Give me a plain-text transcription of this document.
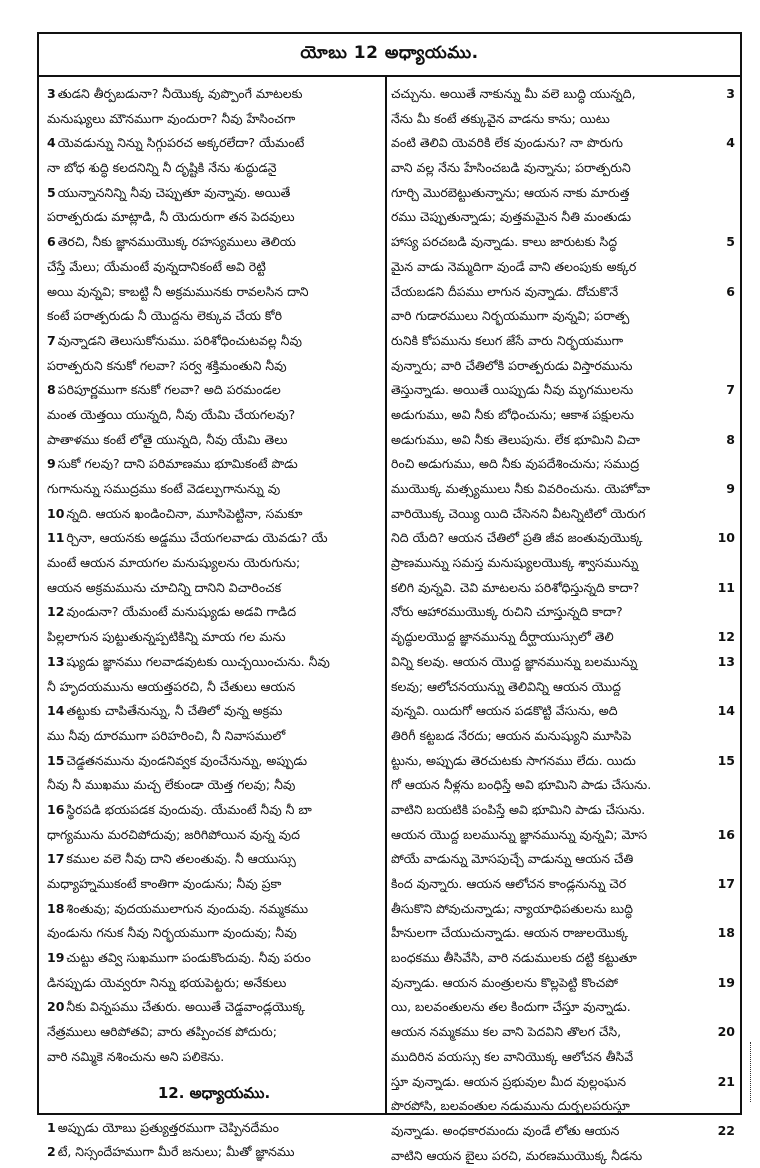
యోబు 12 అధ్యాయము.
3 తుడని తీర్పబడునా? నీయొక్క వుప్పొంగే మాటలకు
మనుష్యులు మౌనముగా వుందురా? నీవు హేసించగా
4 యెవడున్ను నిన్ను సిగ్గుపరచ అక్కరలేదా? యేమంటే
నా బోధ శుద్ధి కలదనిన్ని నీ దృష్టికి నేను శుద్ధుడనై
5 యున్నాననిన్ని నీవు చెప్పుతూ వున్నావు. అయితే
పరాత్పరుడు మాట్లాడి, నీ యెదురుగా తన పెదవులు
6 తెరచి, నీకు జ్ఞానముయొక్క రహస్యములు తెలియ
చేస్తే మేలు; యేమంటే వున్నదానికంటే అవి రెట్టి
అయి వున్నవి; కాబట్టి నీ అక్రమమునకు రావలసిన దాని
కంటే పరాత్పరుడు నీ యొద్దను లెక్కువ చేయ కోరి
7 వున్నాడని తెలుసుకోనుము. పరిశోధించుటవల్ల నీవు
పరాత్పరుని కనుకో గలవా? సర్వ శక్తిమంతుని నీవు
8 పరిపూర్ణముగా కనుకో గలవా? అది పరమండల
మంత యెత్తయి యున్నది, నీవు యేమి చేయగలవు?
పాతాళము కంటే లోతై యున్నది, నీవు యేమి తెలు
9 సుకో గలవు? దాని పరిమాణము భూమికంటే పొడు
గుగానున్ను సముద్రము కంటే వెడల్పుగానున్ను వు
10 న్నది. ఆయన ఖండించినా, మూసిపెట్టినా, సమకూ
11 ర్చినా, ఆయనకు అడ్డము చేయగలవాడు యెవడు? యే
మంటే ఆయన మాయగల మనుష్యులను యెరుగును;
ఆయన అక్రమమును చూచిన్ని దానిని విచారించక
12 వుండునా? యేమంటే మనుష్యుడు అడవి గాడిద
పిల్లలాగున పుట్టుతున్నప్పటికిన్ని మాయ గల మను
13 ష్యుడు జ్ఞానము గలవాడవుటకు యిచ్చయించును. నీవు
నీ హృదయమును ఆయత్తపరచి, నీ చేతులు ఆయన
14 తట్టుకు చాపితేనున్ను, నీ చేతిలో వున్న అక్రమ
ము నీవు దూరముగా పరిహరించి, నీ నివాసములో
15 చెడ్డతనమును వుండనివ్వక వుంచేనున్ను, అప్పుడు
నీవు నీ ముఖము మచ్చ లేకుండా యెత్త గలవు; నీవు
16 స్థిరపడి భయపడక వుందువు. యేమంటే నీవు నీ బా
ధాగ్యమును మరచిపోదువు; జరిగిపోయిన వున్న వుద
17 కముల వలె నీవు దాని తలంతువు. నీ ఆయుస్సు
మధ్యాహ్నముకంటే కాంతిగా వుండును; నీవు ప్రకా
18 శింతువు; వుదయములాగున వుందువు. నమ్మకము
వుండును గనుక నీవు నిర్భయముగా వుందువు; నీవు
19 చుట్టు తవ్వి సుఖముగా పండుకొందువు. నీవు పరుం
డినప్పుడు యెవ్వరూ నిన్ను భయపెట్టరు; అనేకులు
20 నీకు విన్నపము చేతురు. అయితే చెడ్డవాండ్లయొక్క
నేత్రములు ఆరిపోతవి; వారు తప్పించక పోదురు;
వారి నమ్మికె నశించును అని పలికెను.
12. అధ్యాయము.
1 అప్పుడు యోబు ప్రత్యుత్తరముగా చెప్పినదేమం
2 టే, నిస్సందేహముగా మీరే జనులు; మీతో జ్ఞానము
చచ్చును. అయితే నాకున్ను మీ వలె బుద్ధి యున్నది,	3
నేను మీ కంటే తక్కువైన వాడను కాను; యిటు
వంటి తెలివి యెవరికి లేక వుండును? నా పొరుగు	4
వాని వల్ల నేను హేసించబడి వున్నాను; పరాత్పరుని
గూర్చి మొరబెట్టుతున్నాను; ఆయన నాకు మారుత్త
రము చెప్పుతున్నాడు; వుత్తమమైన నీతి మంతుడు
హాస్య పరచబడి వున్నాడు. కాలు జారుటకు సిద్ధ	5
మైన వాడు నెమ్మదిగా వుండే వాని తలంపుకు అక్కర
చేయబడని దీపము లాగున వున్నాడు. దోచుకొనే	6
వారి గుడారములు నిర్భయముగా వున్నవి; పరాత్ప
రునికి కోపమును కలుగ జేసే వారు నిర్భయముగా
వున్నారు; వారి చేతిలోకి పరాత్పరుడు విస్తారమును
తెస్తున్నాడు. అయితే యిప్పుడు నీవు మృగములను	7
అడుగుము, అవి నీకు బోధించును; ఆకాశ పక్షులను
అడుగుము, అవి నీకు తెలుపును. లేక భూమిని విచా	8
రించి అడుగుము, అది నీకు వుపదేశించును; సముద్ర
ముయొక్క మత్స్యములు నీకు వివరించును. యెహోవా	9
వారియొక్క చెయ్యి యిది చేసెనని వీటన్నిటిలో యెరుగ
నిది యేది? ఆయన చేతిలో ప్రతి జీవ జంతువుయొక్క	10
ప్రాణమున్ను సమస్త మనుష్యులయొక్క శ్వాసమున్ను
కలిగి వున్నవి. చెవి మాటలను పరిశోధిస్తున్నది కాదా?	11
నోరు ఆహారముయొక్క రుచిని చూస్తున్నది కాదా?
వృద్ధులయొద్ద జ్ఞానమున్ను దీర్ఘాయుస్సులో తెలి	12
విన్ని కలవు. ఆయన యొద్ద జ్ఞానమున్ను బలమున్ను	13
కలవు; ఆలోచనయున్ను తెలివిన్ని ఆయన యొద్ద
వున్నవి. యిదుగో ఆయన పడకొట్టి వేసును, అది	14
తిరిగీ కట్టబడ నేరదు; ఆయన మనుష్యుని మూసిపె
ట్టును, అప్పుడు తెరచుటకు సాగనము లేదు. యిదు	15
గో ఆయన నీళ్లను బంధిస్తే అవి భూమిని పాడు చేసును.
వాటిని బయటికి పంపిస్తే అవి భూమిని పాడు చేసును.
ఆయన యొద్ద బలమున్ను జ్ఞానమున్ను వున్నవి; మోస	16
పోయే వాడున్ను మోసపుచ్చే వాడున్ను ఆయన చేతి
కింద వున్నారు. ఆయన ఆలోచన కాండ్లనున్ను చెర	17
తీసుకొని పోవుచున్నాడు; న్యాయాధిపతులను బుద్ధి
హీనులగా చేయుచున్నాడు. ఆయన రాజులయొక్క	18
బంధకము తీసివేసి, వారి నడుములకు దట్టి కట్టుతూ
వున్నాడు. ఆయన మంత్రులను కొల్లపెట్టి కొంచపో	19
యి, బలవంతులను తల కిందుగా చేస్తూ వున్నాడు.
ఆయన నమ్మకము కల వాని పెదవిని తొలగ చేసి,	20
ముదిరిన వయస్సు కల వానియొక్క ఆలోచన తీసివే
స్తూ వున్నాడు. ఆయన ప్రభువుల మీద వుల్లంఘన	21
పొరపోసి, బలవంతుల నడుమును దుర్బలపరుస్తూ
వున్నాడు. అంధకారమందు వుండే లోతు ఆయన	22
వాటిని ఆయన బైలు పరచి, మరణముయొక్క నీడను
